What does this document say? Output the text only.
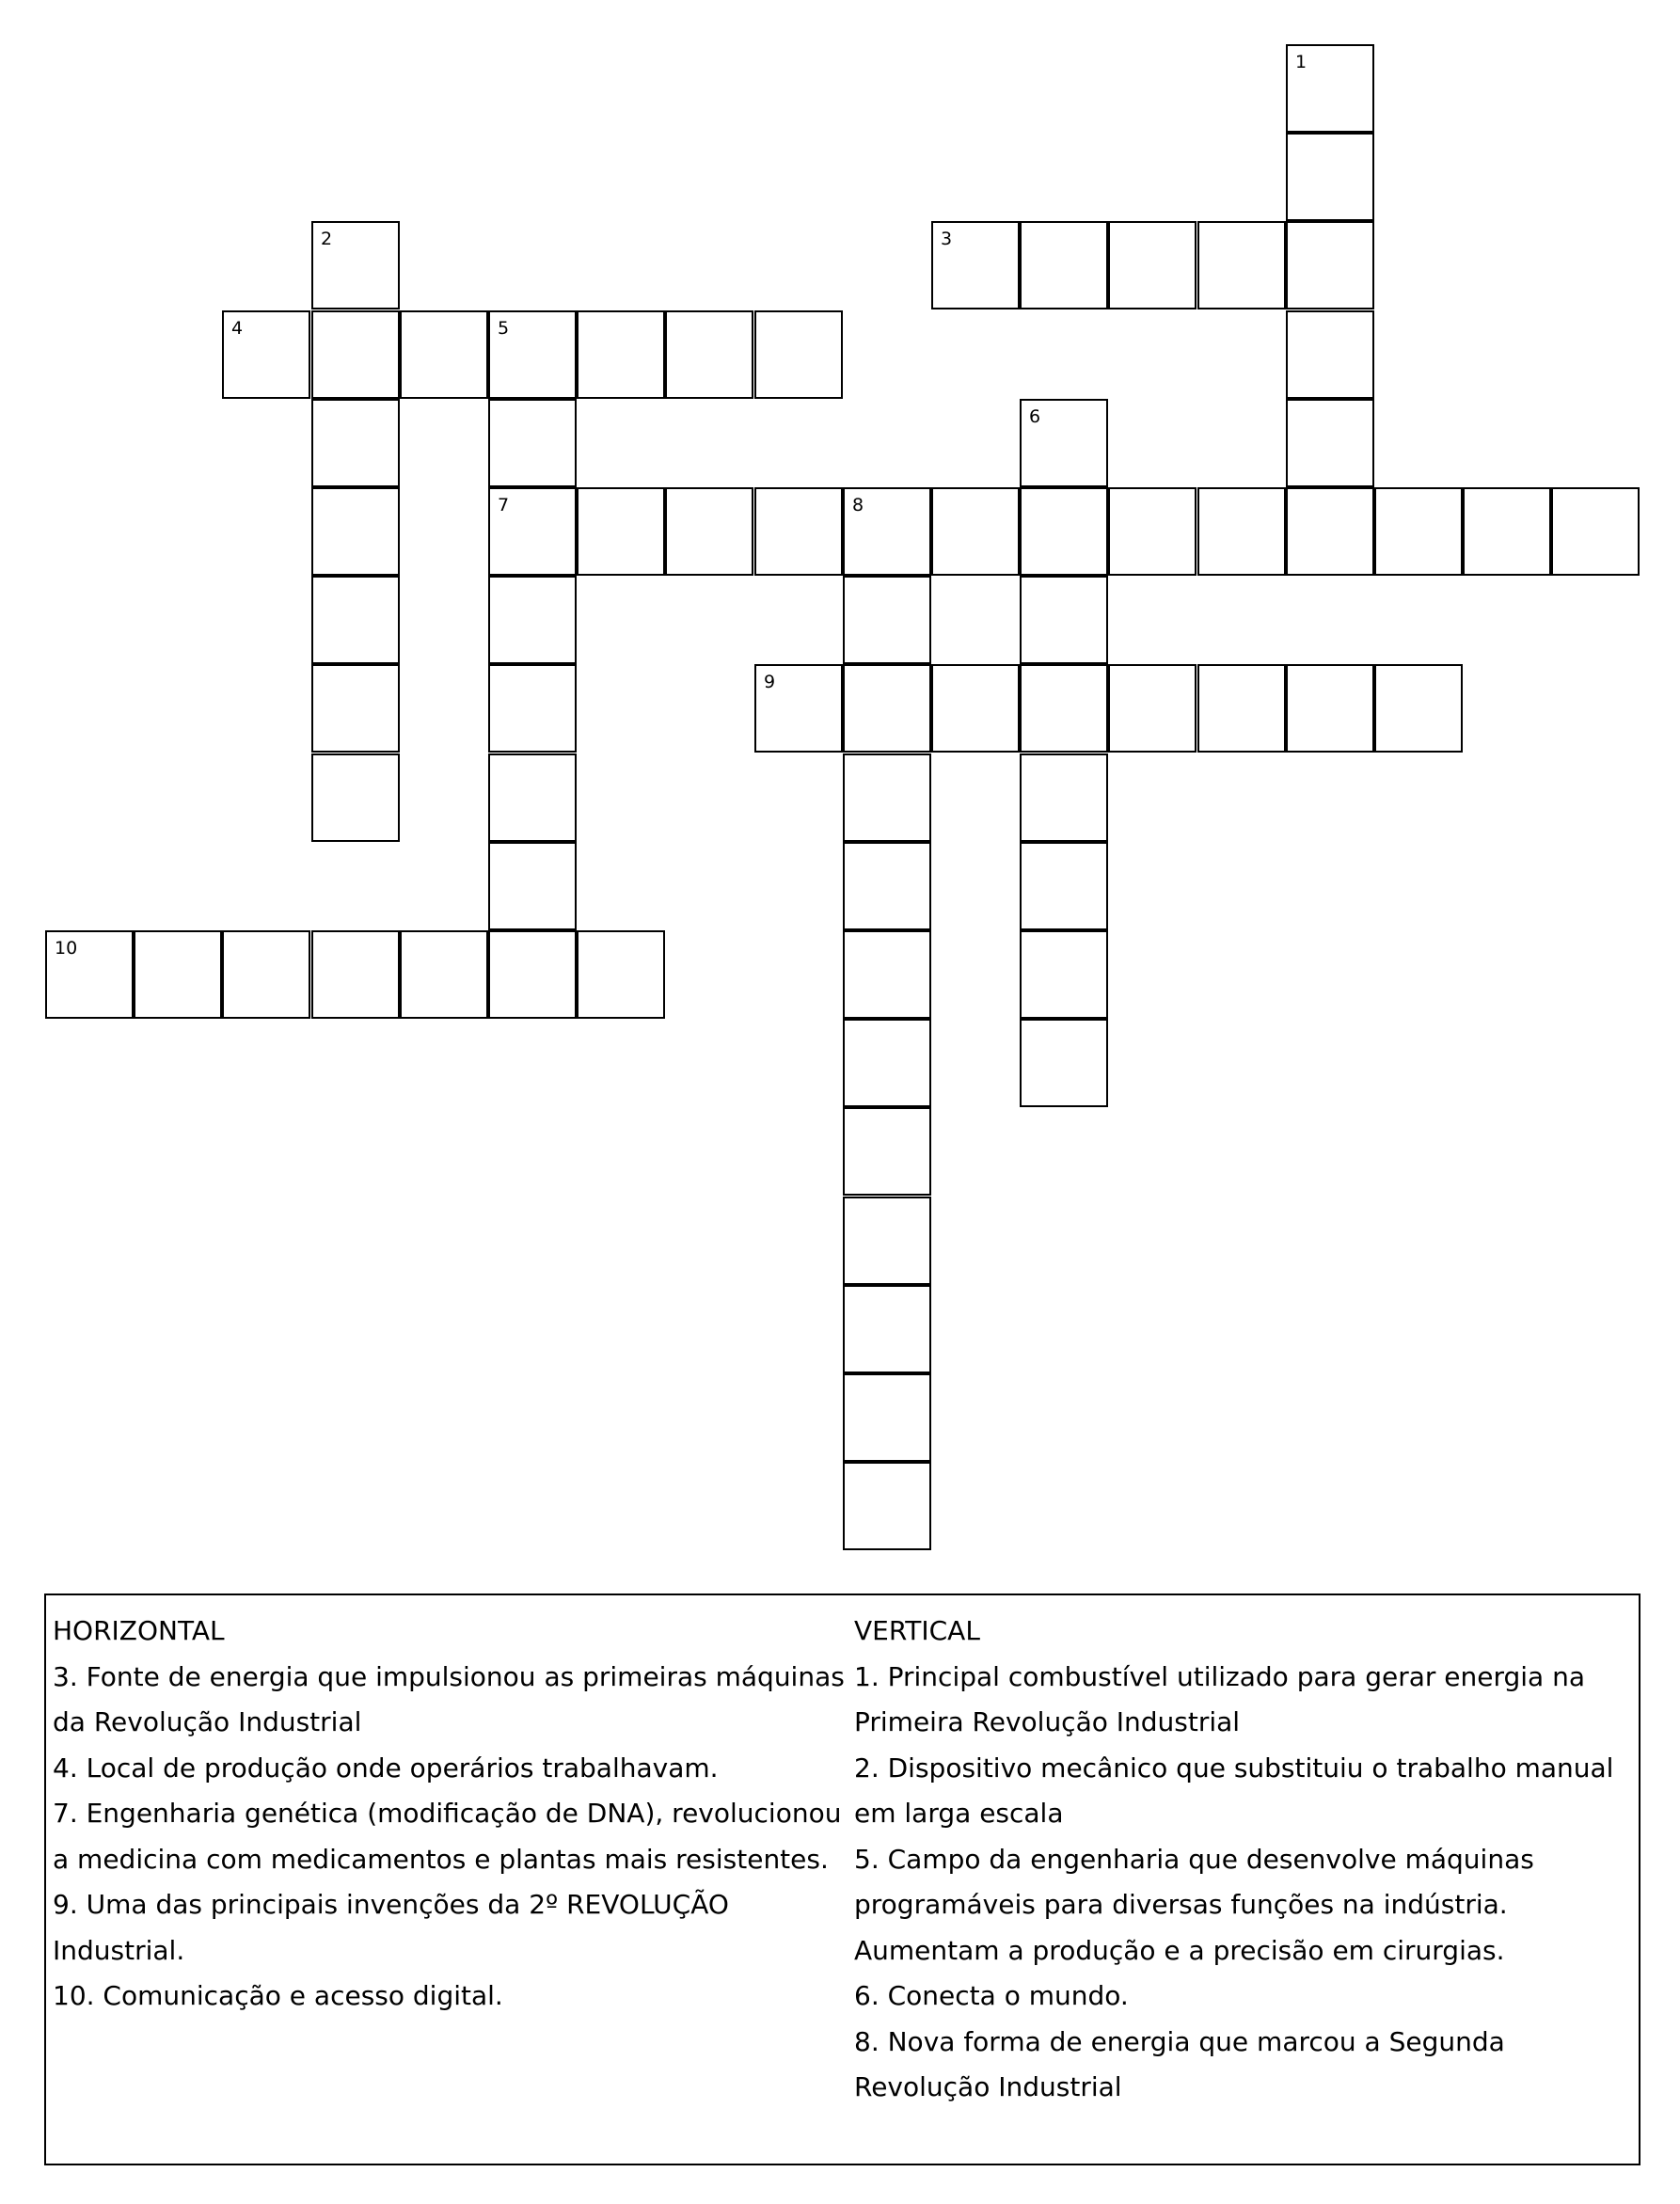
1
2	3
4	5
7
6
8
9
10
HORIZONTAL
3. Fonte de energia que impulsionou as primeiras máquinas da Revolução Industrial
4. Local de produção onde operários trabalhavam.
7. Engenharia genética (modificação de DNA), revolucionou a medicina com medicamentos e plantas mais resistentes.
9. Uma das principais invenções da 2º REVOLUÇÃO Industrial.
10. Comunicação e acesso digital.
VERTICAL
1. Principal combustível utilizado para gerar energia na Primeira Revolução Industrial
2. Dispositivo mecânico que substituiu o trabalho manual em larga escala
5. Campo da engenharia que desenvolve máquinas programáveis para diversas funções na indústria. Aumentam a produção e a precisão em cirurgias.
6. Conecta o mundo.
8. Nova forma de energia que marcou a Segunda Revolução Industrial
